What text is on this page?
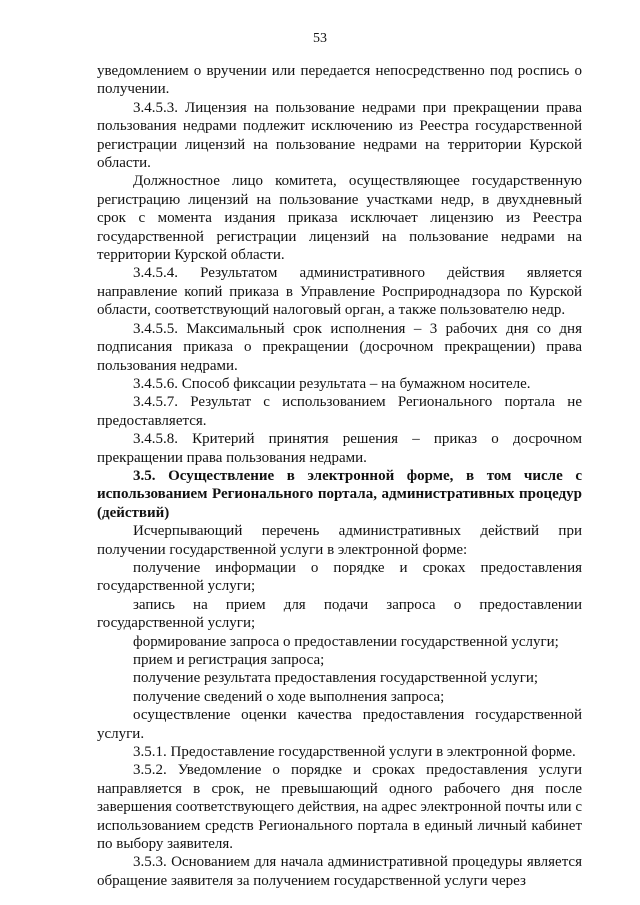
53

уведомлением о вручении или передается непосредственно под роспись о получении.

3.4.5.3. Лицензия на пользование недрами при прекращении права пользования недрами подлежит исключению из Реестра государственной регистрации лицензий на пользование недрами на территории Курской области.

Должностное лицо комитета, осуществляющее государственную регистрацию лицензий на пользование участками недр, в двухдневный срок с момента издания приказа исключает лицензию из Реестра государственной регистрации лицензий на пользование недрами на территории Курской области.

3.4.5.4. Результатом административного действия является направление копий приказа в Управление Росприроднадзора по Курской области, соответствующий налоговый орган, а также пользователю недр.

3.4.5.5. Максимальный срок исполнения – 3 рабочих дня со дня подписания приказа о прекращении (досрочном прекращении) права пользования недрами.

3.4.5.6. Способ фиксации результата – на бумажном носителе.

3.4.5.7. Результат с использованием Регионального портала не предоставляется.

3.4.5.8. Критерий принятия решения – приказ о досрочном прекращении права пользования недрами.

3.5. Осуществление в электронной форме, в том числе с использованием Регионального портала, административных процедур (действий)

Исчерпывающий перечень административных действий при получении государственной услуги в электронной форме:

получение информации о порядке и сроках предоставления государственной услуги;

запись на прием для подачи запроса о предоставлении государственной услуги;

формирование запроса о предоставлении государственной услуги;

прием и регистрация запроса;

получение результата предоставления государственной услуги;

получение сведений о ходе выполнения запроса;

осуществление оценки качества предоставления государственной услуги.

3.5.1. Предоставление государственной услуги в электронной форме.

3.5.2. Уведомление о порядке и сроках предоставления услуги направляется в срок, не превышающий одного рабочего дня после завершения соответствующего действия, на адрес электронной почты или с использованием средств Регионального портала в единый личный кабинет по выбору заявителя.

3.5.3. Основанием для начала административной процедуры является обращение заявителя за получением государственной услуги через
